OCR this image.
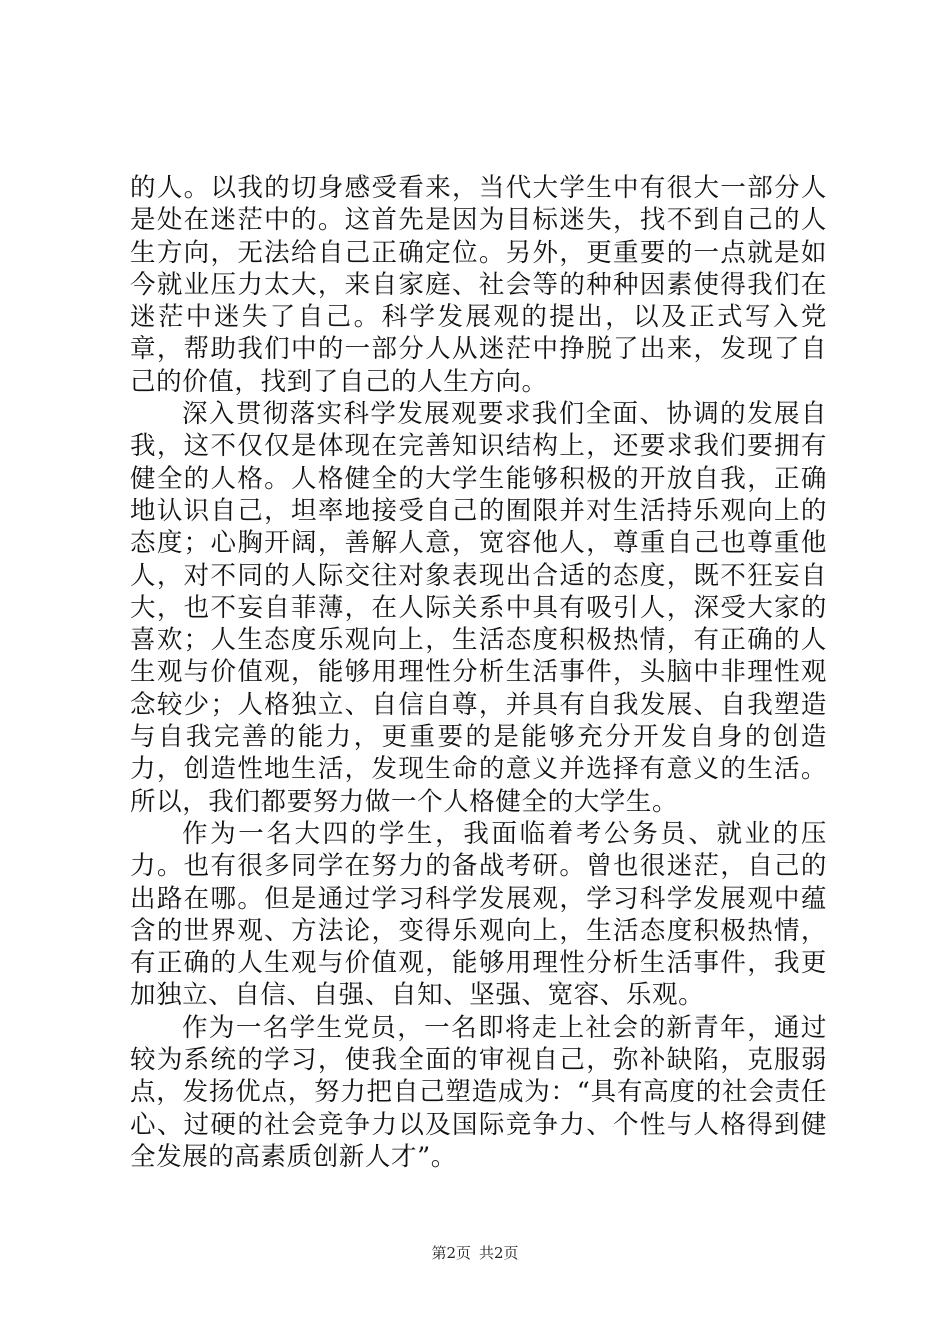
的人。以我的切身感受看来，当代大学生中有很大一部分人是处在迷茫中的。这首先是因为目标迷失，找不到自己的人生方向，无法给自己正确定位。另外，更重要的一点就是如今就业压力太大，来自家庭、社会等的种种因素使得我们在迷茫中迷失了自己。科学发展观的提出，以及正式写入党章，帮助我们中的一部分人从迷茫中挣脱了出来，发现了自己的价值，找到了自己的人生方向。

深入贯彻落实科学发展观要求我们全面、协调的发展自我，这不仅仅是体现在完善知识结构上，还要求我们要拥有健全的人格。人格健全的大学生能够积极的开放自我，正确地认识自己，坦率地接受自己的囿限并对生活持乐观向上的态度；心胸开阔，善解人意，宽容他人，尊重自己也尊重他人，对不同的人际交往对象表现出合适的态度，既不狂妄自大，也不妄自菲薄，在人际关系中具有吸引人，深受大家的喜欢；人生态度乐观向上，生活态度积极热情，有正确的人生观与价值观，能够用理性分析生活事件，头脑中非理性观念较少；人格独立、自信自尊，并具有自我发展、自我塑造与自我完善的能力，更重要的是能够充分开发自身的创造力，创造性地生活，发现生命的意义并选择有意义的生活。所以，我们都要努力做一个人格健全的大学生。

作为一名大四的学生，我面临着考公务员、就业的压力。也有很多同学在努力的备战考研。曾也很迷茫，自己的出路在哪。但是通过学习科学发展观，学习科学发展观中蕴含的世界观、方法论，变得乐观向上，生活态度积极热情，有正确的人生观与价值观，能够用理性分析生活事件，我更加独立、自信、自强、自知、坚强、宽容、乐观。

作为一名学生党员，一名即将走上社会的新青年，通过较为系统的学习，使我全面的审视自己，弥补缺陷，克服弱点，发扬优点，努力把自己塑造成为：“具有高度的社会责任心、过硬的社会竞争力以及国际竞争力、个性与人格得到健全发展的高素质创新人才”。

第2页 共2页
